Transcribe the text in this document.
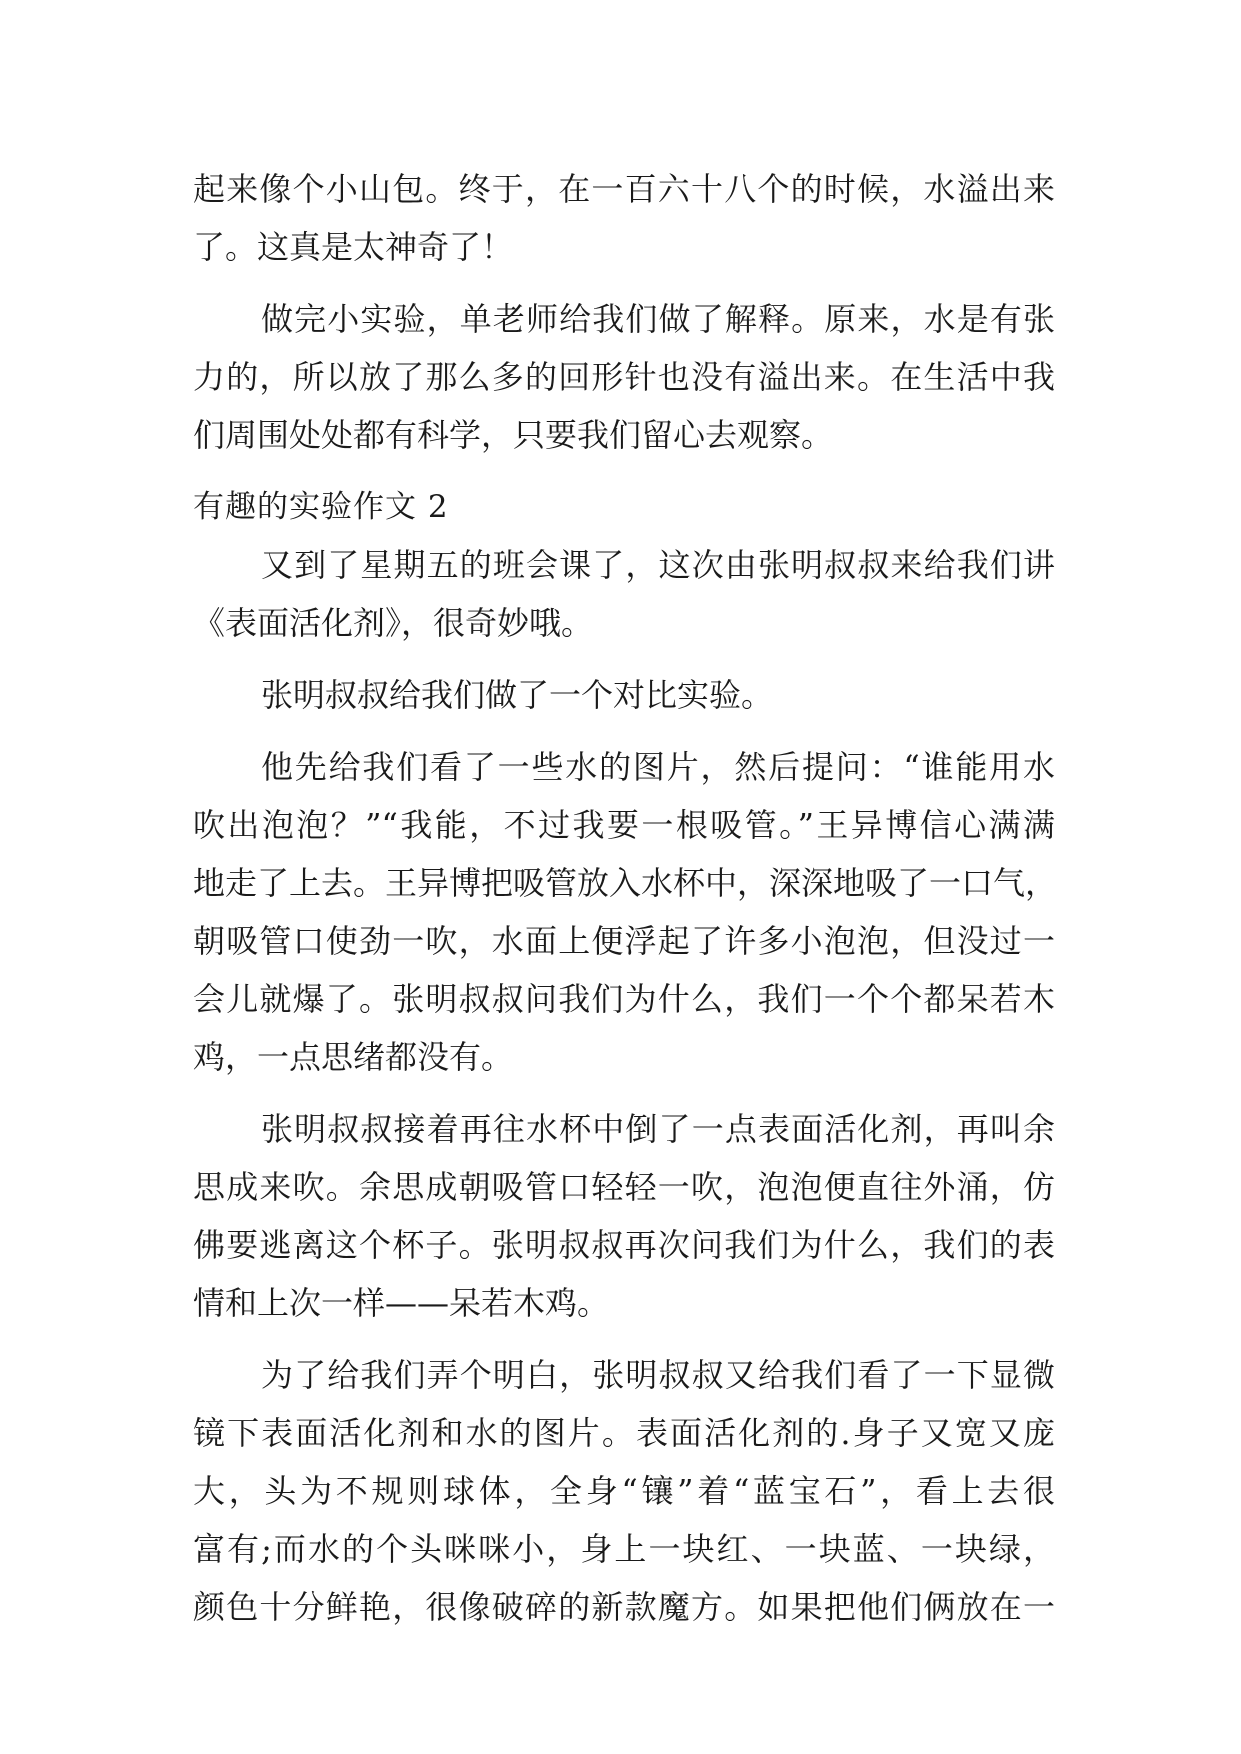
起来像个小山包。终于，在一百六十八个的时候，水溢出来
了。这真是太神奇了！
做完小实验，单老师给我们做了解释。原来，水是有张
力的，所以放了那么多的回形针也没有溢出来。在生活中我
们周围处处都有科学，只要我们留心去观察。
有趣的实验作文 2
又到了星期五的班会课了，这次由张明叔叔来给我们讲
《表面活化剂》，很奇妙哦。
张明叔叔给我们做了一个对比实验。
他先给我们看了一些水的图片，然后提问：“谁能用水
吹出泡泡？”“我能，不过我要一根吸管。”王异博信心满满
地走了上去。王异博把吸管放入水杯中，深深地吸了一口气，
朝吸管口使劲一吹，水面上便浮起了许多小泡泡，但没过一
会儿就爆了。张明叔叔问我们为什么，我们一个个都呆若木
鸡，一点思绪都没有。
张明叔叔接着再往水杯中倒了一点表面活化剂，再叫余
思成来吹。余思成朝吸管口轻轻一吹，泡泡便直往外涌，仿
佛要逃离这个杯子。张明叔叔再次问我们为什么，我们的表
情和上次一样——呆若木鸡。
为了给我们弄个明白，张明叔叔又给我们看了一下显微
镜下表面活化剂和水的图片。表面活化剂的.身子又宽又庞
大，头为不规则球体，全身“镶”着“蓝宝石”，看上去很
富有;而水的个头咪咪小，身上一块红、一块蓝、一块绿，
颜色十分鲜艳，很像破碎的新款魔方。如果把他们俩放在一
